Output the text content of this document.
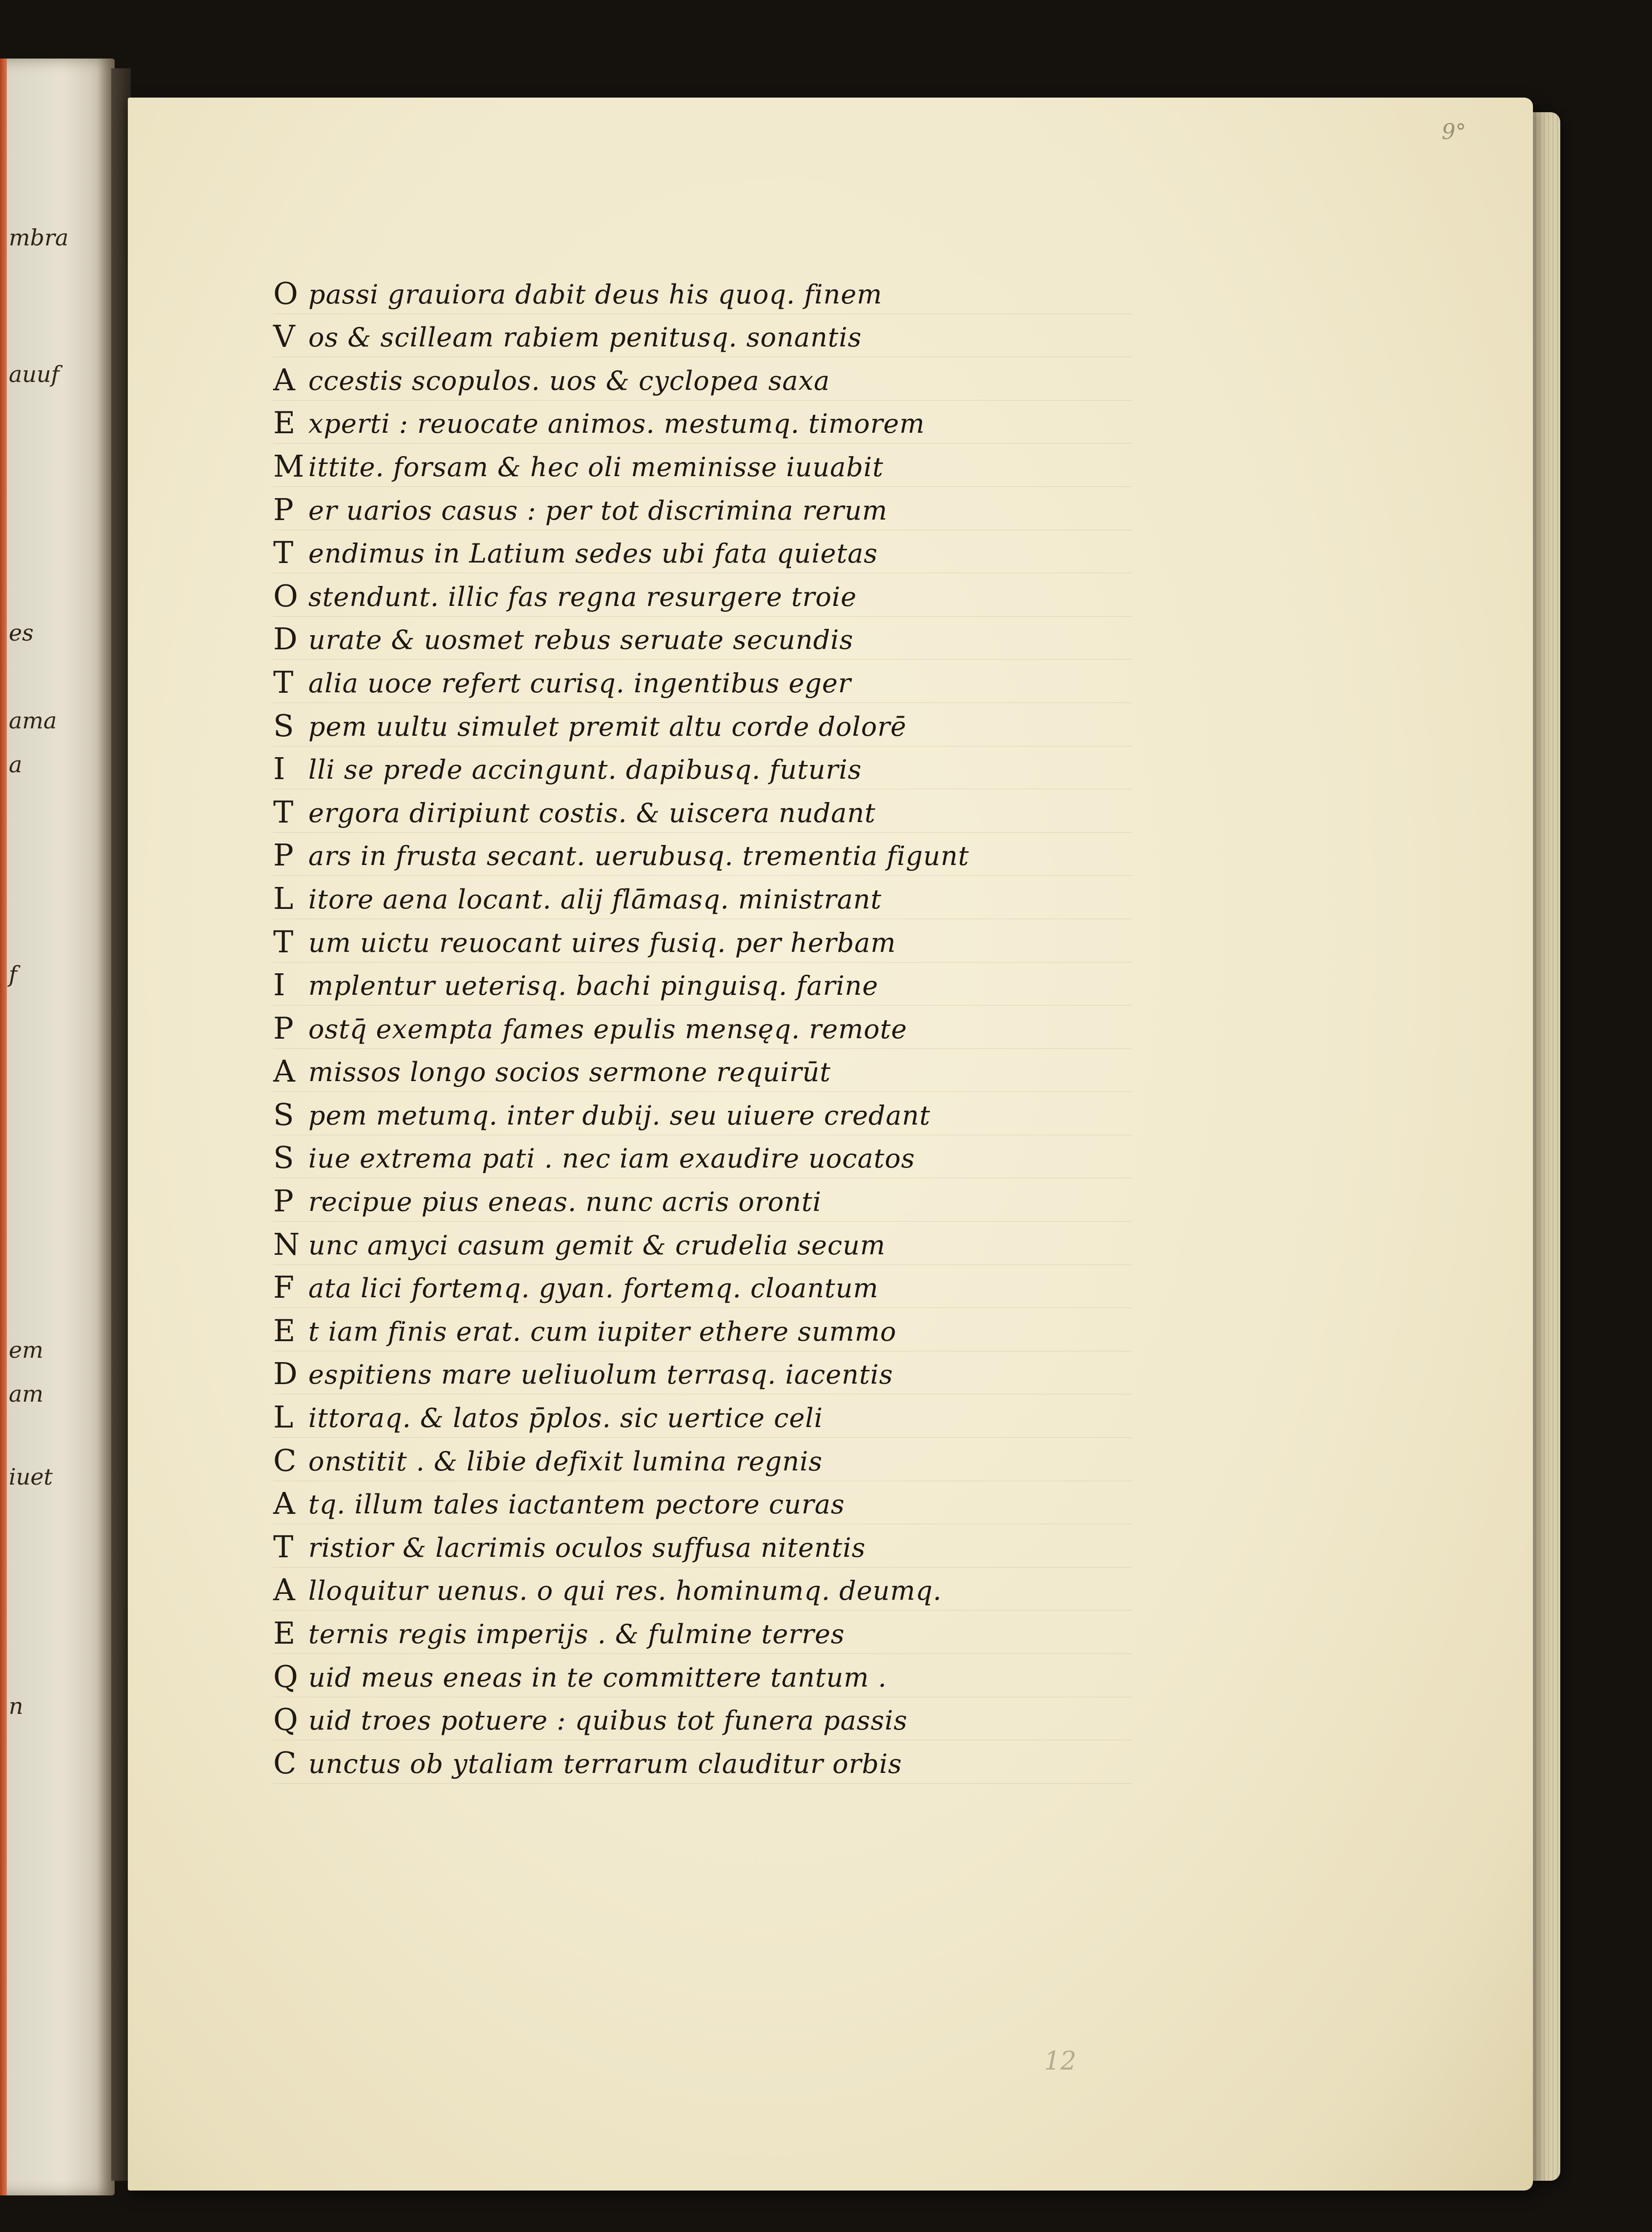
mbra
auuf
es
ama
a
f
em
am
iuet
n
9°
12
O passi grauiora dabit deus his quoq. finem
V os & scilleam rabiem penitusq. sonantis
A ccestis scopulos. uos & cyclopea saxa
E xperti : reuocate animos. mestumq. timorem
M ittite. forsam & hec oli meminisse iuuabit
P er uarios casus : per tot discrimina rerum
T endimus in Latium sedes ubi fata quietas
O stendunt. illic fas regna resurgere troie
D urate & uosmet rebus seruate secundis
T alia uoce refert curisq. ingentibus eger
S pem uultu simulet premit altu corde dolorē
I lli se prede accingunt. dapibusq. futuris
T ergora diripiunt costis. & uiscera nudant
P ars in frusta secant. uerubusq. trementia figunt
L itore aena locant. alij flāmasq. ministrant
T um uictu reuocant uires fusiq. per herbam
I mplentur ueterisq. bachi pinguisq. farine
P ostq̄ exempta fames epulis mensęq. remote
A missos longo socios sermone requirūt
S pem metumq. inter dubij. seu uiuere credant
S iue extrema pati . nec iam exaudire uocatos
P recipue pius eneas. nunc acris oronti
N unc amyci casum gemit & crudelia secum
F ata lici fortemq. gyan. fortemq. cloantum
E t iam finis erat. cum iupiter ethere summo
D espitiens mare ueliuolum terrasq. iacentis
L ittoraq. & latos p̄plos. sic uertice celi
C onstitit . & libie defixit lumina regnis
A tq. illum tales iactantem pectore curas
T ristior & lacrimis oculos suffusa nitentis
A lloquitur uenus. o qui res. hominumq. deumq.
E ternis regis imperijs . & fulmine terres
Q uid meus eneas in te committere tantum .
Q uid troes potuere : quibus tot funera passis
C unctus ob ytaliam terrarum clauditur orbis
